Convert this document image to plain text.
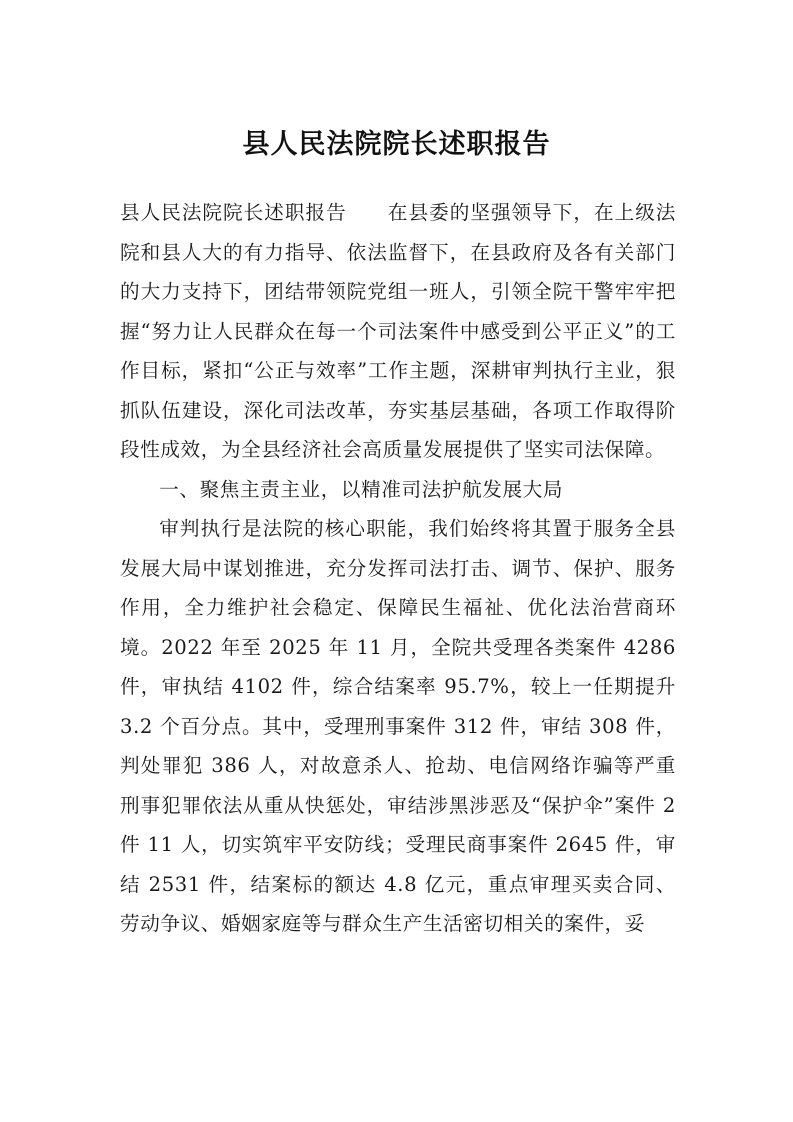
县人民法院院长述职报告

县人民法院院长述职报告　　在县委的坚强领导下，在上级法院和县人大的有力指导、依法监督下，在县政府及各有关部门的大力支持下，团结带领院党组一班人，引领全院干警牢牢把握“努力让人民群众在每一个司法案件中感受到公平正义”的工作目标，紧扣“公正与效率”工作主题，深耕审判执行主业，狠抓队伍建设，深化司法改革，夯实基层基础，各项工作取得阶段性成效，为全县经济社会高质量发展提供了坚实司法保障。

一、聚焦主责主业，以精准司法护航发展大局

审判执行是法院的核心职能，我们始终将其置于服务全县发展大局中谋划推进，充分发挥司法打击、调节、保护、服务作用，全力维护社会稳定、保障民生福祉、优化法治营商环境。2022 年至 2025 年 11 月，全院共受理各类案件 4286 件，审执结 4102 件，综合结案率 95.7%，较上一任期提升 3.2 个百分点。其中，受理刑事案件 312 件，审结 308 件，判处罪犯 386 人，对故意杀人、抢劫、电信网络诈骗等严重刑事犯罪依法从重从快惩处，审结涉黑涉恶及“保护伞”案件 2 件 11 人，切实筑牢平安防线；受理民商事案件 2645 件，审结 2531 件，结案标的额达 4.8 亿元，重点审理买卖合同、劳动争议、婚姻家庭等与群众生产生活密切相关的案件，妥
